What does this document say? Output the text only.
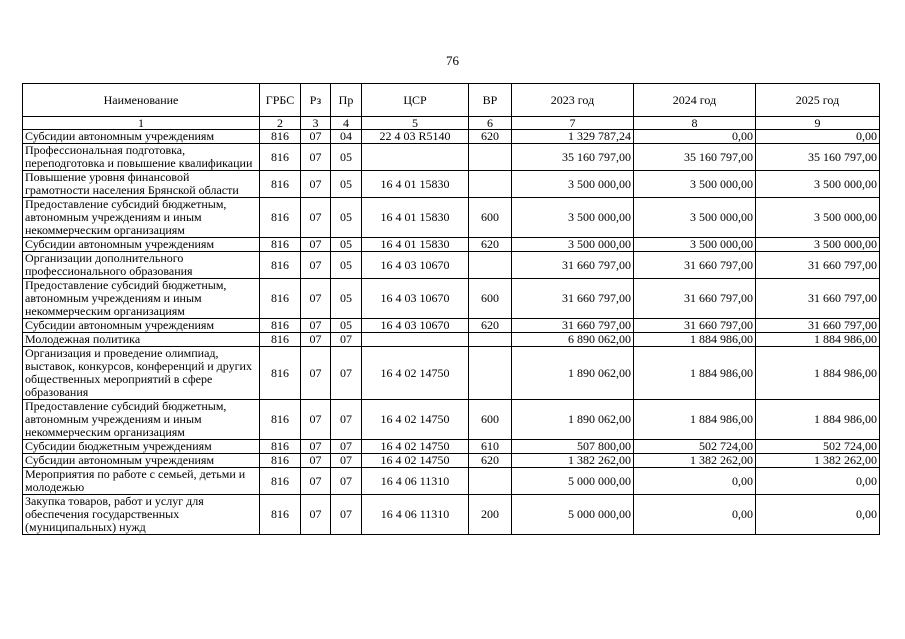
76
Наименование	ГРБС	Рз	Пр	ЦСР	ВР	2023 год	2024 год	2025 год
1	2	3	4	5	6	7	8	9
Субсидии автономным учреждениям	816	07	04	22 4 03 R5140	620	1 329 787,24	0,00	0,00
Профессиональная подготовка, переподготовка и повышение квалификации	816	07	05			35 160 797,00	35 160 797,00	35 160 797,00
Повышение уровня финансовой грамотности населения Брянской области	816	07	05	16 4 01 15830		3 500 000,00	3 500 000,00	3 500 000,00
Предоставление субсидий бюджетным, автономным учреждениям и иным некоммерческим организациям	816	07	05	16 4 01 15830	600	3 500 000,00	3 500 000,00	3 500 000,00
Субсидии автономным учреждениям	816	07	05	16 4 01 15830	620	3 500 000,00	3 500 000,00	3 500 000,00
Организации дополнительного профессионального образования	816	07	05	16 4 03 10670		31 660 797,00	31 660 797,00	31 660 797,00
Предоставление субсидий бюджетным, автономным учреждениям и иным некоммерческим организациям	816	07	05	16 4 03 10670	600	31 660 797,00	31 660 797,00	31 660 797,00
Субсидии автономным учреждениям	816	07	05	16 4 03 10670	620	31 660 797,00	31 660 797,00	31 660 797,00
Молодежная политика	816	07	07			6 890 062,00	1 884 986,00	1 884 986,00
Организация и проведение олимпиад, выставок, конкурсов, конференций и других общественных мероприятий в сфере образования	816	07	07	16 4 02 14750		1 890 062,00	1 884 986,00	1 884 986,00
Предоставление субсидий бюджетным, автономным учреждениям и иным некоммерческим организациям	816	07	07	16 4 02 14750	600	1 890 062,00	1 884 986,00	1 884 986,00
Субсидии бюджетным учреждениям	816	07	07	16 4 02 14750	610	507 800,00	502 724,00	502 724,00
Субсидии автономным учреждениям	816	07	07	16 4 02 14750	620	1 382 262,00	1 382 262,00	1 382 262,00
Мероприятия по работе с семьей, детьми и молодежью	816	07	07	16 4 06 11310		5 000 000,00	0,00	0,00
Закупка товаров, работ и услуг для обеспечения государственных (муниципальных) нужд	816	07	07	16 4 06 11310	200	5 000 000,00	0,00	0,00
